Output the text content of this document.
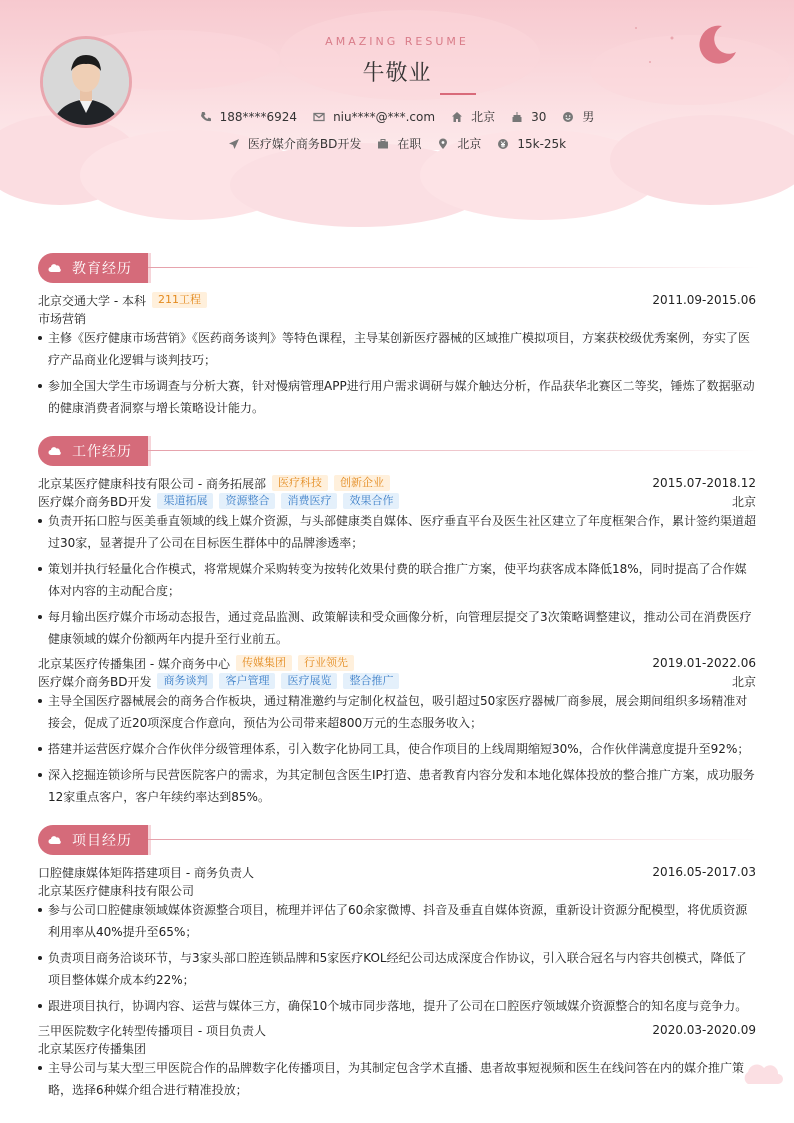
AMAZING RESUME
牛敬业
188****6924	niu****@***.com	北京	30	男
医疗媒介商务BD开发	在职	北京	15k-25k
教育经历
北京交通大学 - 本科	211工程	2011.09-2015.06
市场营销
主修《医疗健康市场营销》《医药商务谈判》等特色课程，主导某创新医疗器械的区域推广模拟项目，方案获校级优秀案例，夯实了医疗产品商业化逻辑与谈判技巧；
参加全国大学生市场调查与分析大赛，针对慢病管理APP进行用户需求调研与媒介触达分析，作品获华北赛区二等奖，锤炼了数据驱动的健康消费者洞察与增长策略设计能力。
工作经历
北京某医疗健康科技有限公司 - 商务拓展部	医疗科技	创新企业	2015.07-2018.12
医疗媒介商务BD开发	渠道拓展	资源整合	消费医疗	效果合作	北京
负责开拓口腔与医美垂直领域的线上媒介资源，与头部健康类自媒体、医疗垂直平台及医生社区建立了年度框架合作，累计签约渠道超过30家，显著提升了公司在目标医生群体中的品牌渗透率；
策划并执行轻量化合作模式，将常规媒介采购转变为按转化效果付费的联合推广方案，使平均获客成本降低18%，同时提高了合作媒体对内容的主动配合度；
每月输出医疗媒介市场动态报告，通过竞品监测、政策解读和受众画像分析，向管理层提交了3次策略调整建议，推动公司在消费医疗健康领域的媒介份额两年内提升至行业前五。
北京某医疗传播集团 - 媒介商务中心	传媒集团	行业领先	2019.01-2022.06
医疗媒介商务BD开发	商务谈判	客户管理	医疗展览	整合推广	北京
主导全国医疗器械展会的商务合作板块，通过精准邀约与定制化权益包，吸引超过50家医疗器械厂商参展，展会期间组织多场精准对接会，促成了近20项深度合作意向，预估为公司带来超800万元的生态服务收入；
搭建并运营医疗媒介合作伙伴分级管理体系，引入数字化协同工具，使合作项目的上线周期缩短30%，合作伙伴满意度提升至92%；
深入挖掘连锁诊所与民营医院客户的需求，为其定制包含医生IP打造、患者教育内容分发和本地化媒体投放的整合推广方案，成功服务12家重点客户，客户年续约率达到85%。
项目经历
口腔健康媒体矩阵搭建项目 - 商务负责人	2016.05-2017.03
北京某医疗健康科技有限公司
参与公司口腔健康领域媒体资源整合项目，梳理并评估了60余家微博、抖音及垂直自媒体资源，重新设计资源分配模型，将优质资源利用率从40%提升至65%；
负责项目商务洽谈环节，与3家头部口腔连锁品牌和5家医疗KOL经纪公司达成深度合作协议，引入联合冠名与内容共创模式，降低了项目整体媒介成本约22%；
跟进项目执行，协调内容、运营与媒体三方，确保10个城市同步落地，提升了公司在口腔医疗领域媒介资源整合的知名度与竞争力。
三甲医院数字化转型传播项目 - 项目负责人	2020.03-2020.09
北京某医疗传播集团
主导公司与某大型三甲医院合作的品牌数字化传播项目，为其制定包含学术直播、患者故事短视频和医生在线问答在内的媒介推广策略，选择6种媒介组合进行精准投放；
